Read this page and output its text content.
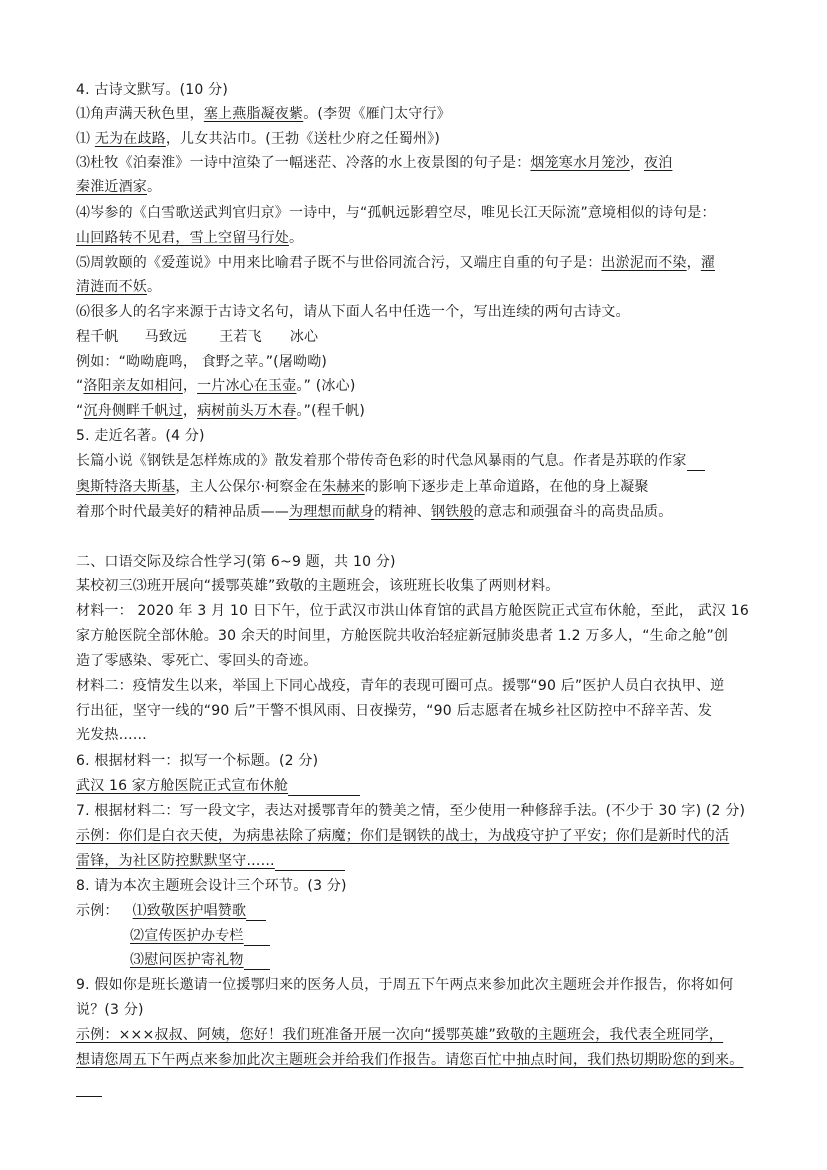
4. 古诗文默写。(10 分)
⑴角声满天秋色里，塞上燕脂凝夜紫。(李贺《雁门太守行》
⑴ 无为在歧路，儿女共沾巾。(王勃《送杜少府之任蜀州》)
⑶杜牧《泊秦淮》一诗中渲染了一幅迷茫、冷落的水上夜景图的句子是：烟笼寒水月笼沙，夜泊
秦淮近酒家。
⑷岑参的《白雪歌送武判官归京》一诗中，与“孤帆远影碧空尽，唯见长江天际流”意境相似的诗句是：
山回路转不见君，雪上空留马行处。
⑸周敦颐的《爱莲说》中用来比喻君子既不与世俗同流合污，又端庄自重的句子是：出淤泥而不染，濯
清涟而不妖。
⑹很多人的名字来源于古诗文名句，请从下面人名中任选一个，写出连续的两句古诗文。
程千帆 马致远 王若飞 冰心
例如：“呦呦鹿鸣， 食野之苹。”(屠呦呦)
“洛阳亲友如相问，一片冰心在玉壶。” (冰心)
“沉舟侧畔千帆过，病树前头万木春。”(程千帆)
5. 走近名著。(4 分)
长篇小说《钢铁是怎样炼成的》散发着那个带传奇色彩的时代急风暴雨的气息。作者是苏联的作家
奥斯特洛夫斯基，主人公保尔·柯察金在朱赫来的影响下逐步走上革命道路，在他的身上凝聚
着那个时代最美好的精神品质——为理想而献身的精神、钢铁般的意志和顽强奋斗的高贵品质。
二、口语交际及综合性学习(第 6~9 题，共 10 分)
某校初三⑶班开展向“援鄂英雄”致敬的主题班会，该班班长收集了两则材料。
材料一： 2020 年 3 月 10 日下午，位于武汉市洪山体育馆的武昌方舱医院正式宣布休舱，至此， 武汉 16
家方舱医院全部休舱。30 余天的时间里，方舱医院共收治轻症新冠肺炎患者 1.2 万多人，“生命之舱”创
造了零感染、零死亡、零回头的奇迹。
材料二：疫情发生以来，举国上下同心战疫，青年的表现可圈可点。援鄂“90 后”医护人员白衣执甲、逆
行出征，坚守一线的“90 后”干警不惧风雨、日夜操劳，“90 后志愿者在城乡社区防控中不辞辛苦、发
光发热……
6. 根据材料一：拟写一个标题。(2 分)
武汉 16 家方舱医院正式宣布休舱
7. 根据材料二：写一段文字，表达对援鄂青年的赞美之情，至少使用一种修辞手法。(不少于 30 字) (2 分)
示例：你们是白衣天使，为病患祛除了病魔；你们是钢铁的战士，为战疫守护了平安；你们是新时代的活
雷锋，为社区防控默默坚守……
8. 请为本次主题班会设计三个环节。(3 分)
示例： ⑴致敬医护唱赞歌
⑵宣传医护办专栏
⑶慰问医护寄礼物
9. 假如你是班长邀请一位援鄂归来的医务人员，于周五下午两点来参加此次主题班会并作报告，你将如何
说？(3 分)
示例：×××叔叔、阿姨，您好！我们班准备开展一次向“援鄂英雄”致敬的主题班会，我代表全班同学，
想请您周五下午两点来参加此次主题班会并给我们作报告。请您百忙中抽点时间，我们热切期盼您的到来。
